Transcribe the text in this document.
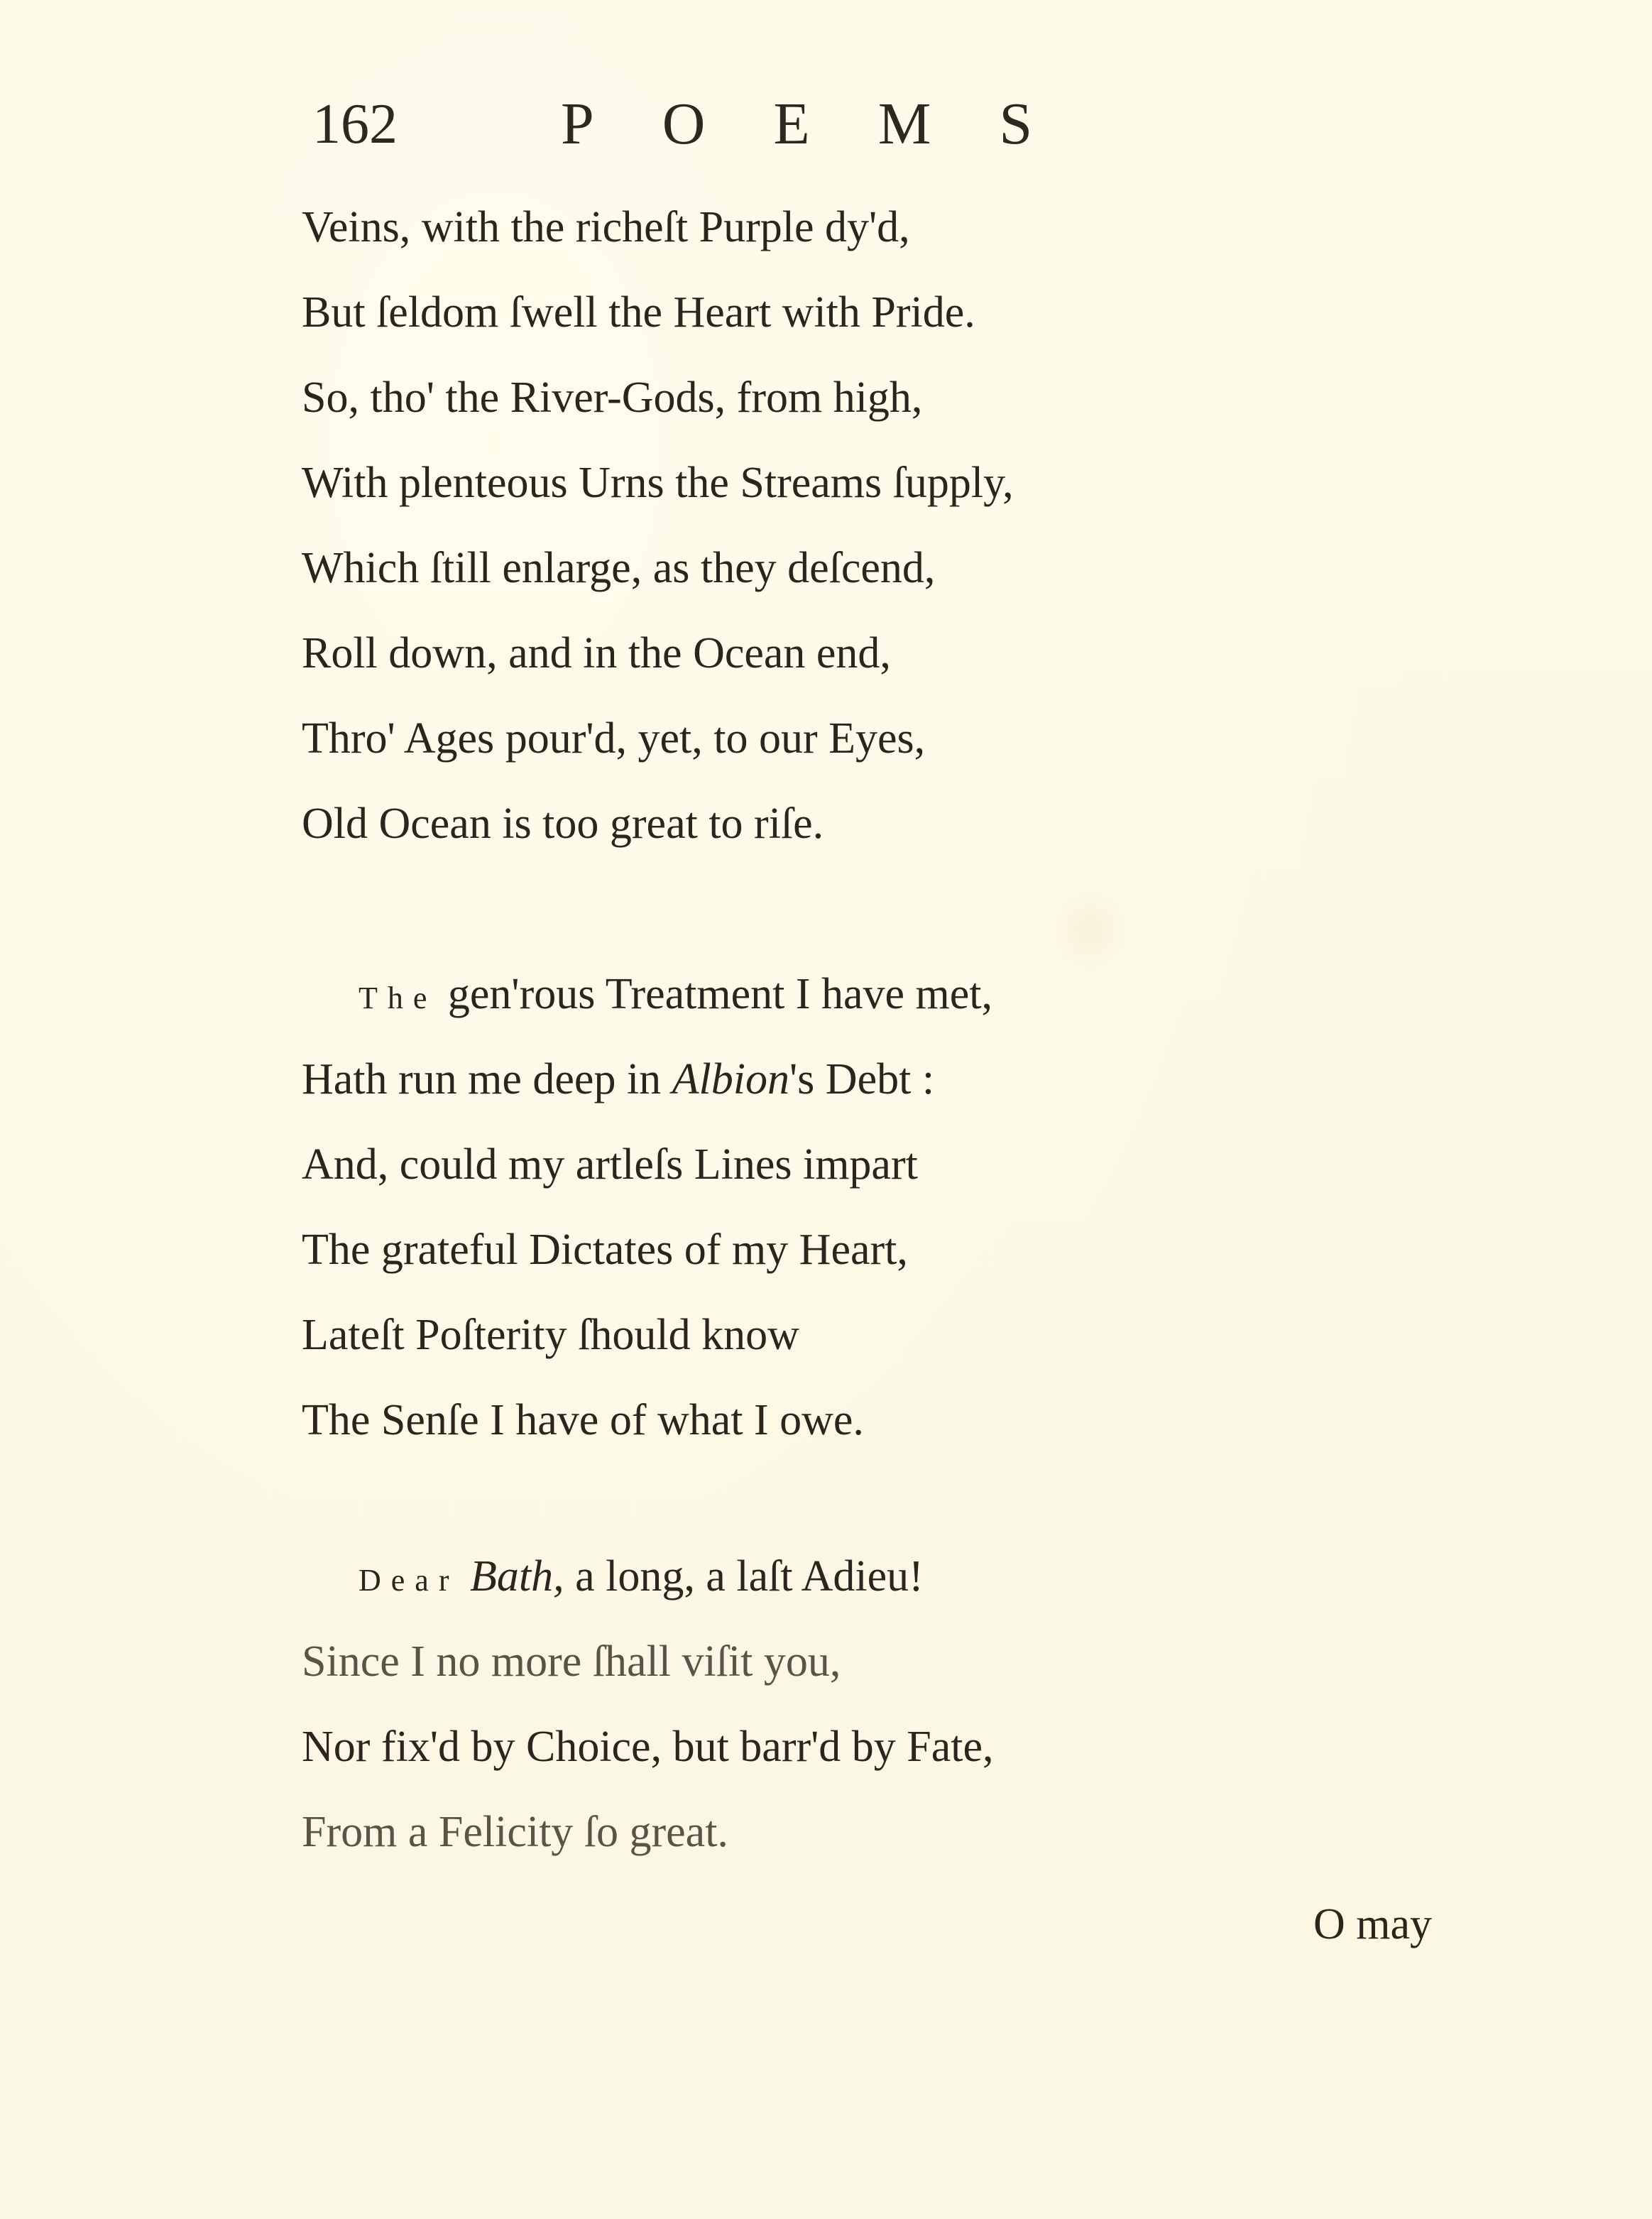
162	POEMS
Veins, with the richeſt Purple dy'd,
But ſeldom ſwell the Heart with Pride.
So, tho' the River-Gods, from high,
With plenteous Urns the Streams ſupply,
Which ſtill enlarge, as they deſcend,
Roll down, and in the Ocean end,
Thro' Ages pour'd, yet, to our Eyes,
Old Ocean is too great to riſe.
The gen'rous Treatment I have met,
Hath run me deep in Albion's Debt :
And, could my artleſs Lines impart
The grateful Dictates of my Heart,
Lateſt Poſterity ſhould know
The Senſe I have of what I owe.
Dear Bath, a long, a laſt Adieu!
Since I no more ſhall viſit you,
Nor fix'd by Choice, but barr'd by Fate,
From a Felicity ſo great.
O may
